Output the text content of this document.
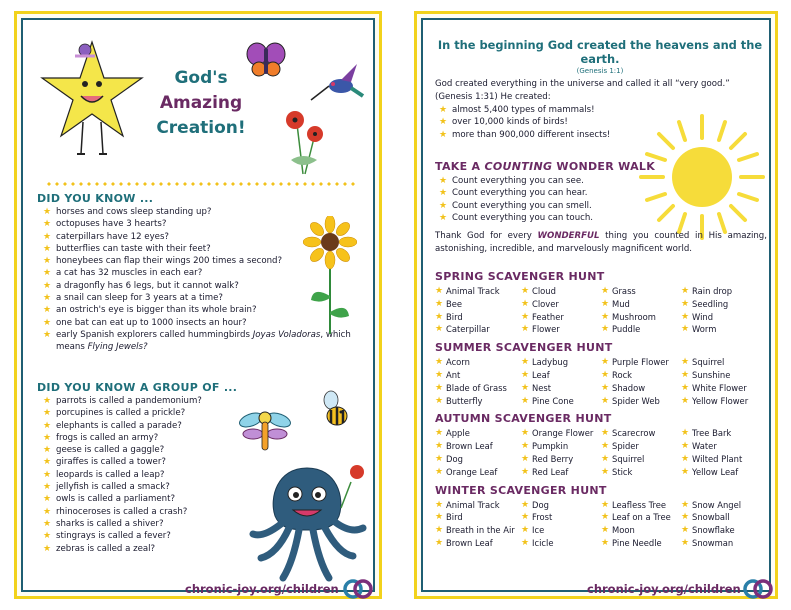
God's
Amazing
Creation!
DID YOU KNOW ...
★ horses and cows sleep standing up?
★ octopuses have 3 hearts?
★ caterpillars have 12 eyes?
★ butterflies can taste with their feet?
★ honeybees can flap their wings 200 times a second?
★ a cat has 32 muscles in each ear?
★ a dragonfly has 6 legs, but it cannot walk?
★ a snail can sleep for 3 years at a time?
★ an ostrich's eye is bigger than its whole brain?
★ one bat can eat up to 1000 insects an hour?
★ early Spanish explorers called hummingbirds Joyas Voladoras, which
means Flying Jewels?
DID YOU KNOW A GROUP OF ...
★ parrots is called a pandemonium?
★ porcupines is called a prickle?
★ elephants is called a parade?
★ frogs is called an army?
★ geese is called a gaggle?
★ giraffes is called a tower?
★ leopards is called a leap?
★ jellyfish is called a smack?
★ owls is called a parliament?
★ rhinoceroses is called a crash?
★ sharks is called a shiver?
★ stingrays is called a fever?
★ zebras is called a zeal?
chronic-joy.org/children
In the beginning God created the heavens and the earth.
(Genesis 1:1)
God created everything in the universe and called it all “very good.” (Genesis 1:31) He created:
★ almost 5,400 types of mammals!
★ over 10,000 kinds of birds!
★ more than 900,000 different insects!
TAKE A COUNTING WONDER WALK
★ Count everything you can see.
★ Count everything you can hear.
★ Count everything you can smell.
★ Count everything you can touch.
Thank God for every WONDERFUL thing you counted in His amazing, astonishing, incredible, and marvelously magnificent world.
SPRING SCAVENGER HUNT
★ Animal Track	★ Cloud	★ Grass	★ Rain drop
★ Bee	★ Clover	★ Mud	★ Seedling
★ Bird	★ Feather	★ Mushroom	★ Wind
★ Caterpillar	★ Flower	★ Puddle	★ Worm
SUMMER SCAVENGER HUNT
★ Acorn	★ Ladybug	★ Purple Flower	★ Squirrel
★ Ant	★ Leaf	★ Rock	★ Sunshine
★ Blade of Grass	★ Nest	★ Shadow	★ White Flower
★ Butterfly	★ Pine Cone	★ Spider Web	★ Yellow Flower
AUTUMN SCAVENGER HUNT
★ Apple	★ Orange Flower ★ Scarecrow	★ Tree Bark
★ Brown Leaf	★ Pumpkin	★ Spider	★ Water
★ Dog	★ Red Berry	★ Squirrel	★ Wilted Plant
★ Orange Leaf	★ Red Leaf	★ Stick	★ Yellow Leaf
WINTER SCAVENGER HUNT
★ Animal Track	★ Dog	★ Leafless Tree	★ Snow Angel
★ Bird	★ Frost	★ Leaf on a Tree	★ Snowball
★ Breath in the Air ★ Ice	★ Moon	★ Snowflake
★ Brown Leaf	★ Icicle	★ Pine Needle	★ Snowman
chronic-joy.org/children
